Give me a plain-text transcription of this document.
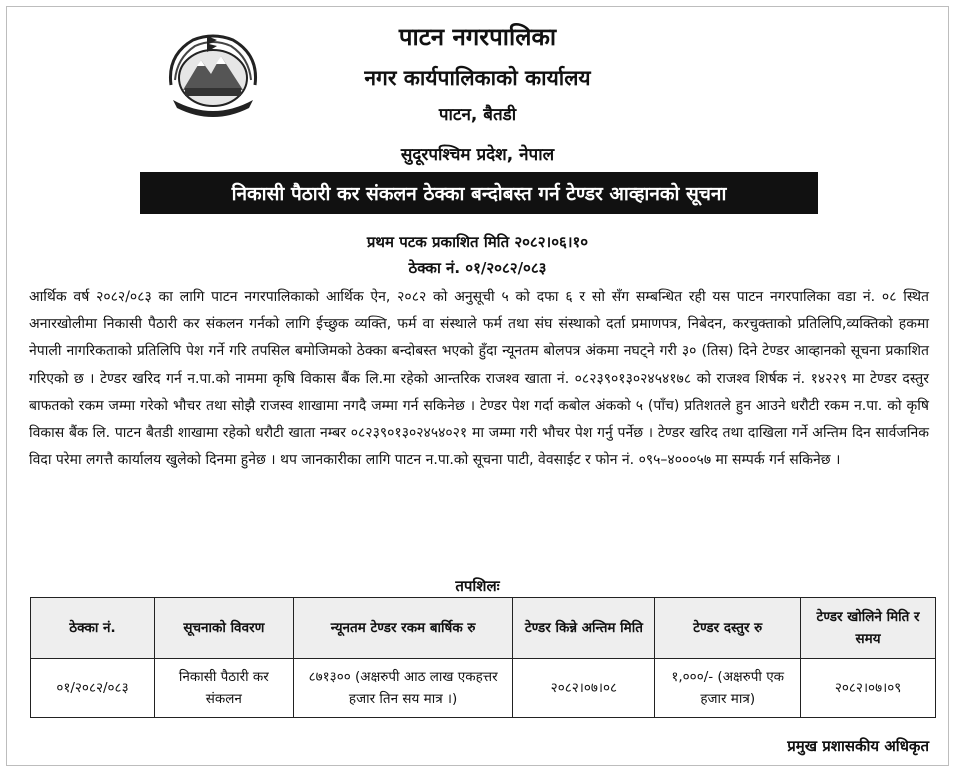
पाटन नगरपालिका
नगर कार्यपालिकाको कार्यालय
पाटन, बैतडी
सुदूरपश्चिम प्रदेश, नेपाल
निकासी पैठारी कर संकलन ठेक्का बन्दोबस्त गर्न टेण्डर आव्हानको सूचना
प्रथम पटक प्रकाशित मिति २०८२।०६।१०
ठेक्का नं. ०१/२०८२/०८३

आर्थिक वर्ष २०८२/०८३ का लागि पाटन नगरपालिकाको आर्थिक ऐन, २०८२ को अनुसूची ५ को दफा ६ र सो सँग सम्बन्धित रही यस पाटन नगरपालिका वडा नं. ०८ स्थित अनारखोलीमा निकासी पैठारी कर संकलन गर्नको लागि ईच्छुक व्यक्ति, फर्म वा संस्थाले फर्म तथा संघ संस्थाको दर्ता प्रमाणपत्र, निबेदन, करचुक्ताको प्रतिलिपि,व्यक्तिको हकमा नेपाली नागरिकताको प्रतिलिपि पेश गर्ने गरि तपसिल बमोजिमको ठेक्का बन्दोबस्त भएको हुँदा न्यूनतम बोलपत्र अंकमा नघट्ने गरी ३० (तिस) दिने टेण्डर आव्हानको सूचना प्रकाशित गरिएको छ । टेण्डर खरिद गर्न न.पा.को नाममा कृषि विकास बैंक लि.मा रहेको आन्तरिक राजश्व खाता नं. ०८२३९०१३०२४५४१७८ को राजश्व शिर्षक नं. १४२२९ मा टेण्डर दस्तुर बाफतको रकम जम्मा गरेको भौचर तथा सोझै राजस्व शाखामा नगदै जम्मा गर्न सकिनेछ । टेण्डर पेश गर्दा कबोल अंकको ५ (पाँच) प्रतिशतले हुन आउने धरौटी रकम न.पा. को कृषि विकास बैंक लि. पाटन बैतडी शाखामा रहेको धरौटी खाता नम्बर ०८२३९०१३०२४५४०२१ मा जम्मा गरी भौचर पेश गर्नु पर्नेछ । टेण्डर खरिद तथा दाखिला गर्ने अन्तिम दिन सार्वजनिक विदा परेमा लगत्तै कार्यालय खुलेको दिनमा हुनेछ । थप जानकारीका लागि पाटन न.पा.को सूचना पाटी, वेवसाईट र फोन नं. ०९५–४०००५७ मा सम्पर्क गर्न सकिनेछ ।

तपशिलः
ठेक्का नं.	सूचनाको विवरण	न्यूनतम टेण्डर रकम बार्षिक रु	टेण्डर किन्ने अन्तिम मिति	टेण्डर दस्तुर रु	टेण्डर खोलिने मिति र समय
०१/२०८२/०८३	निकासी पैठारी कर संकलन	८७१३०० (अक्षरुपी आठ लाख एकहत्तर हजार तिन सय मात्र ।)	२०८२।०७।०८	१,०००/- (अक्षरुपी एक हजार मात्र)	२०८२।०७।०९
प्रमुख प्रशासकीय अधिकृत
